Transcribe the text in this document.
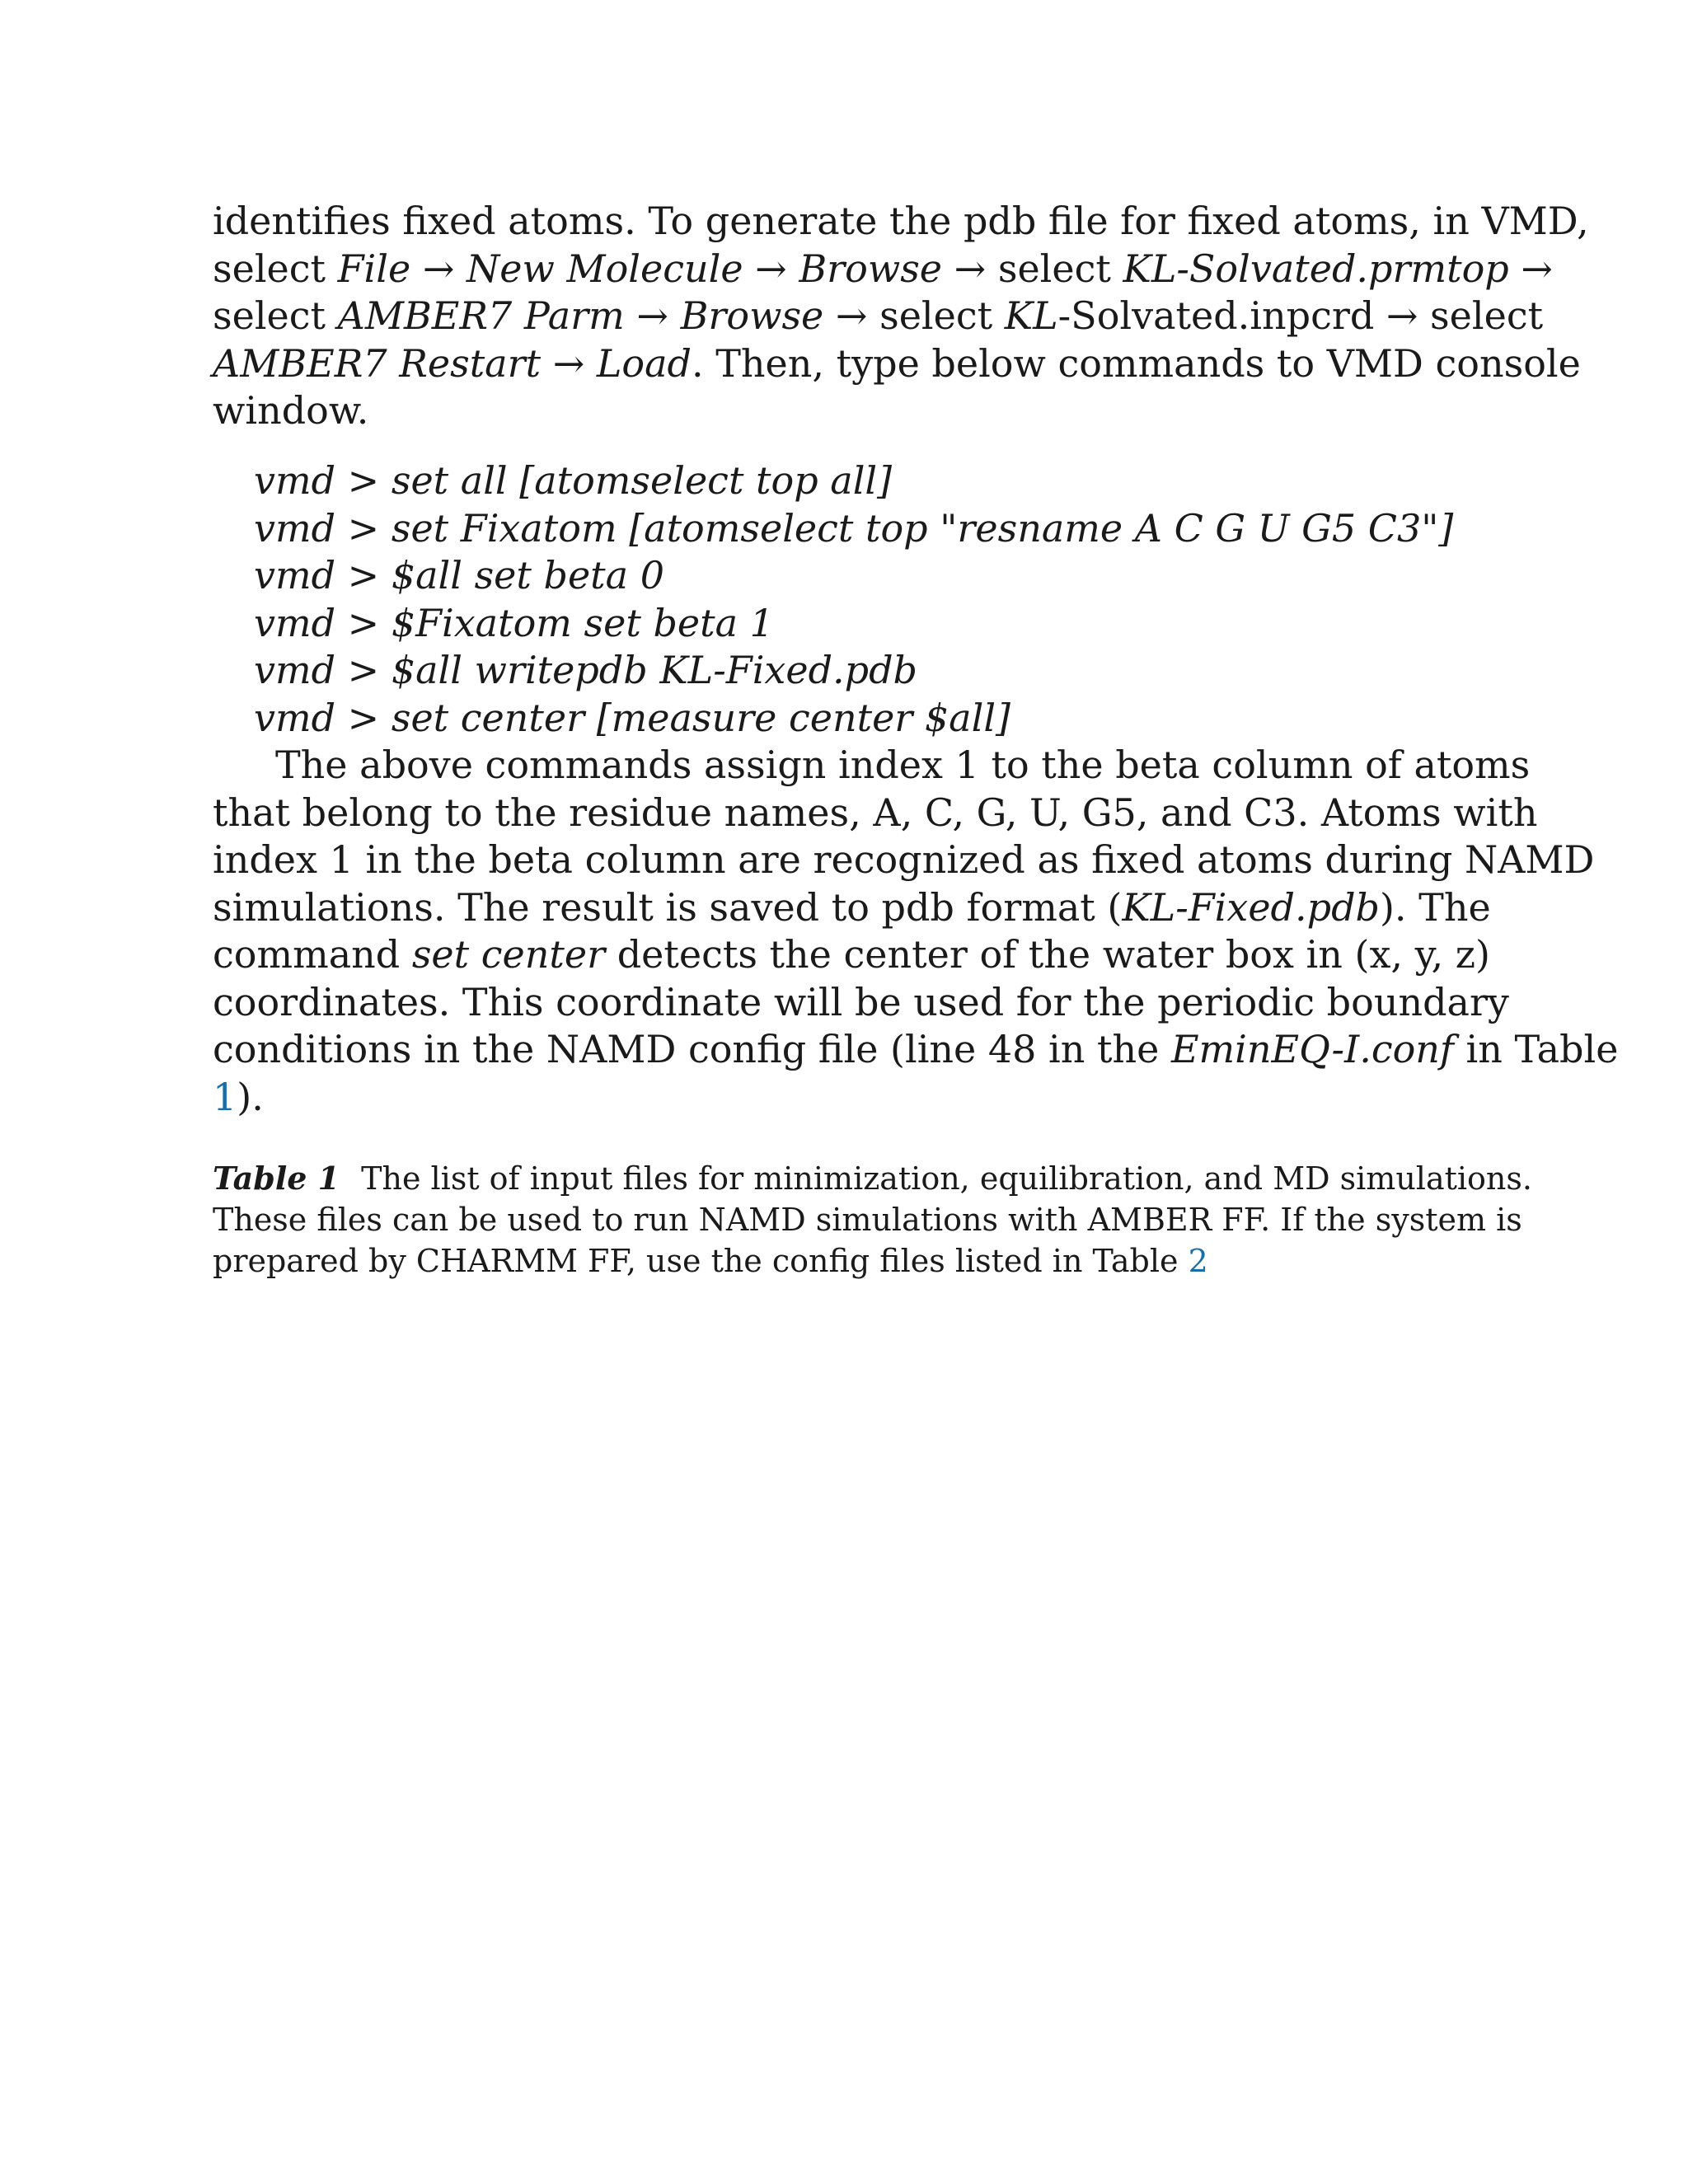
identifies fixed atoms. To generate the pdb file for fixed atoms, in VMD,
select File → New Molecule → Browse → select KL-Solvated.prmtop →
select AMBER7 Parm → Browse → select KL-Solvated.inpcrd → select
AMBER7 Restart → Load. Then, type below commands to VMD console
window.
vmd > set all [atomselect top all]
vmd > set Fixatom [atomselect top "resname A C G U G5 C3"]
vmd > $all set beta 0
vmd > $Fixatom set beta 1
vmd > $all writepdb KL-Fixed.pdb
vmd > set center [measure center $all]
The above commands assign index 1 to the beta column of atoms
that belong to the residue names, A, C, G, U, G5, and C3. Atoms with
index 1 in the beta column are recognized as fixed atoms during NAMD
simulations. The result is saved to pdb format (KL-Fixed.pdb). The
command set center detects the center of the water box in (x, y, z)
coordinates. This coordinate will be used for the periodic boundary
conditions in the NAMD config file (line 48 in the EminEQ-I.conf in Table
1).
Table 1 The list of input files for minimization, equilibration, and MD simulations.
These files can be used to run NAMD simulations with AMBER FF. If the system is
prepared by CHARMM FF, use the config files listed in Table 2
